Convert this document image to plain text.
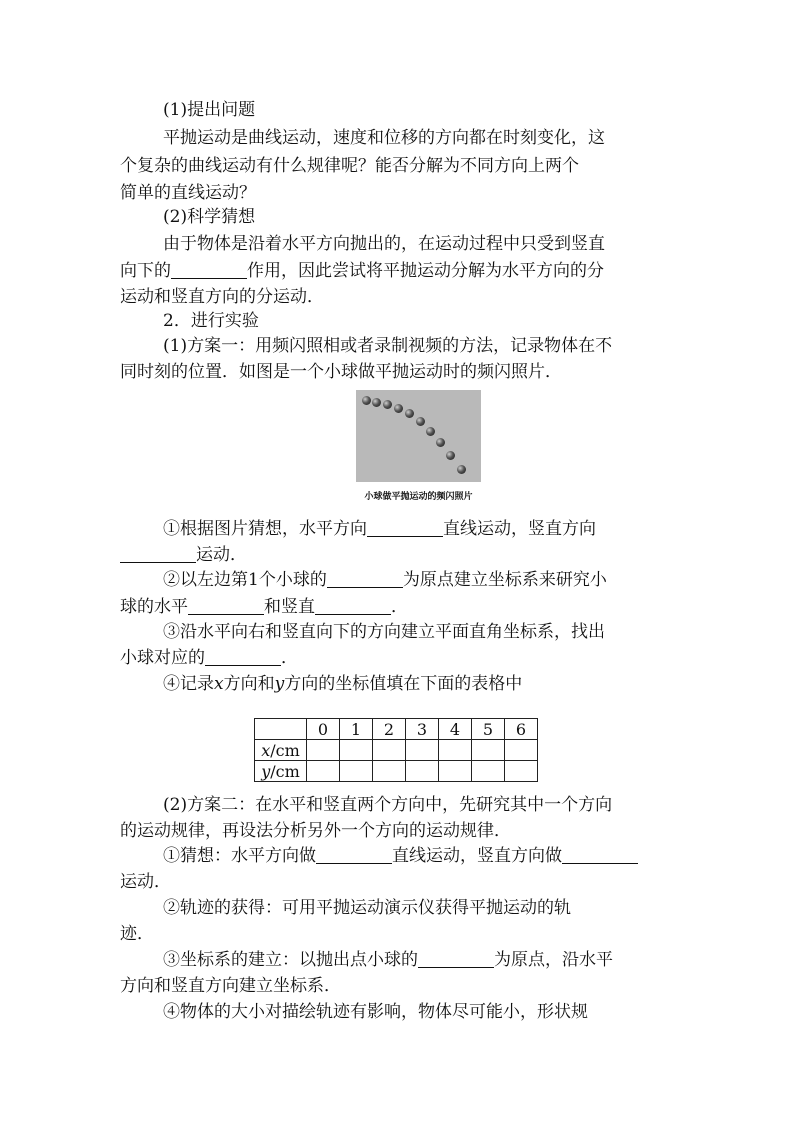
(1)提出问题
平抛运动是曲线运动，速度和位移的方向都在时刻变化，这
个复杂的曲线运动有什么规律呢？能否分解为不同方向上两个
简单的直线运动？
(2)科学猜想
由于物体是沿着水平方向抛出的，在运动过程中只受到竖直
向下的	作用，因此尝试将平抛运动分解为水平方向的分
运动和竖直方向的分运动．
2．进行实验
(1)方案一：用频闪照相或者录制视频的方法，记录物体在不
同时刻的位置．如图是一个小球做平抛运动时的频闪照片．
小球做平抛运动的频闪照片
①根据图片猜想，水平方向	直线运动，竖直方向
运动．
②以左边第1个小球的	为原点建立坐标系来研究小
球的水平	和竖直	．
③沿水平向右和竖直向下的方向建立平面直角坐标系，找出
小球对应的	．
④记录x方向和y方向的坐标值填在下面的表格中
	0	1	2	3	4	5	6
x/cm							
y/cm							
(2)方案二：在水平和竖直两个方向中，先研究其中一个方向
的运动规律，再设法分析另外一个方向的运动规律．
①猜想：水平方向做	直线运动，竖直方向做
运动．
②轨迹的获得：可用平抛运动演示仪获得平抛运动的轨
迹．
③坐标系的建立：以抛出点小球的	为原点，沿水平
方向和竖直方向建立坐标系．
④物体的大小对描绘轨迹有影响，物体尽可能小，形状规
